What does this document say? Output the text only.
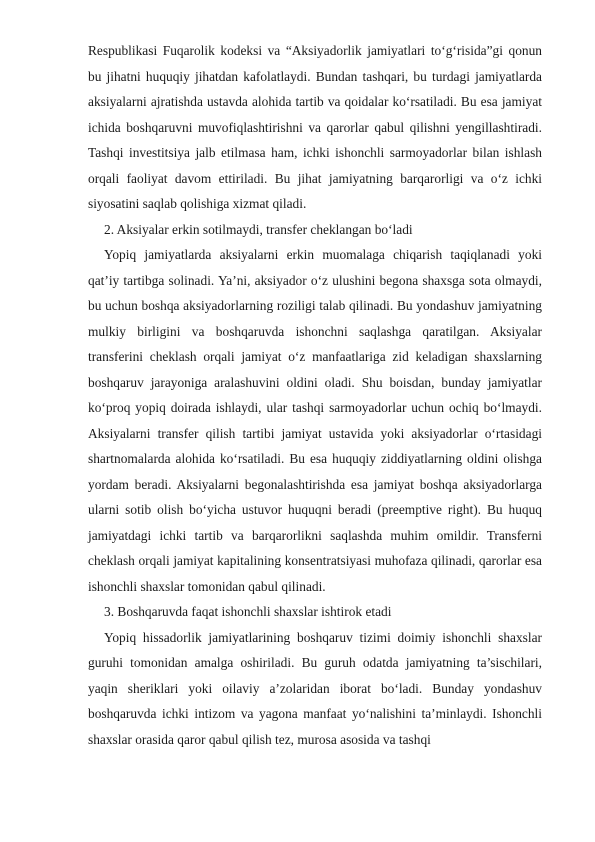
Respublikasi Fuqarolik kodeksi va “Aksiyadorlik jamiyatlari to‘g‘risida”gi qonun bu jihatni huquqiy jihatdan kafolatlaydi. Bundan tashqari, bu turdagi jamiyatlarda aksiyalarni ajratishda ustavda alohida tartib va qoidalar ko‘rsatiladi. Bu esa jamiyat ichida boshqaruvni muvofiqlashtirishni va qarorlar qabul qilishni yengillashtiradi. Tashqi investitsiya jalb etilmasa ham, ichki ishonchli sarmoyadorlar bilan ishlash orqali faoliyat davom ettiriladi. Bu jihat jamiyatning barqarorligi va o‘z ichki siyosatini saqlab qolishiga xizmat qiladi.

2. Aksiyalar erkin sotilmaydi, transfer cheklangan bo‘ladi

Yopiq jamiyatlarda aksiyalarni erkin muomalaga chiqarish taqiqlanadi yoki qat’iy tartibga solinadi. Ya’ni, aksiyador o‘z ulushini begona shaxsga sota olmaydi, bu uchun boshqa aksiyadorlarning roziligi talab qilinadi. Bu yondashuv jamiyatning mulkiy birligini va boshqaruvda ishonchni saqlashga qaratilgan. Aksiyalar transferini cheklash orqali jamiyat o‘z manfaatlariga zid keladigan shaxslarning boshqaruv jarayoniga aralashuvini oldini oladi. Shu boisdan, bunday jamiyatlar ko‘proq yopiq doirada ishlaydi, ular tashqi sarmoyadorlar uchun ochiq bo‘lmaydi. Aksiyalarni transfer qilish tartibi jamiyat ustavida yoki aksiyadorlar o‘rtasidagi shartnomalarda alohida ko‘rsatiladi. Bu esa huquqiy ziddiyatlarning oldini olishga yordam beradi. Aksiyalarni begonalashtirishda esa jamiyat boshqa aksiyadorlarga ularni sotib olish bo‘yicha ustuvor huquqni beradi (preemptive right). Bu huquq jamiyatdagi ichki tartib va barqarorlikni saqlashda muhim omildir. Transferni cheklash orqali jamiyat kapitalining konsentratsiyasi muhofaza qilinadi, qarorlar esa ishonchli shaxslar tomonidan qabul qilinadi.

3. Boshqaruvda faqat ishonchli shaxslar ishtirok etadi

Yopiq hissadorlik jamiyatlarining boshqaruv tizimi doimiy ishonchli shaxslar guruhi tomonidan amalga oshiriladi. Bu guruh odatda jamiyatning ta’sischilari, yaqin sheriklari yoki oilaviy a’zolaridan iborat bo‘ladi. Bunday yondashuv boshqaruvda ichki intizom va yagona manfaat yo‘nalishini ta’minlaydi. Ishonchli shaxslar orasida qaror qabul qilish tez, murosa asosida va tashqi
